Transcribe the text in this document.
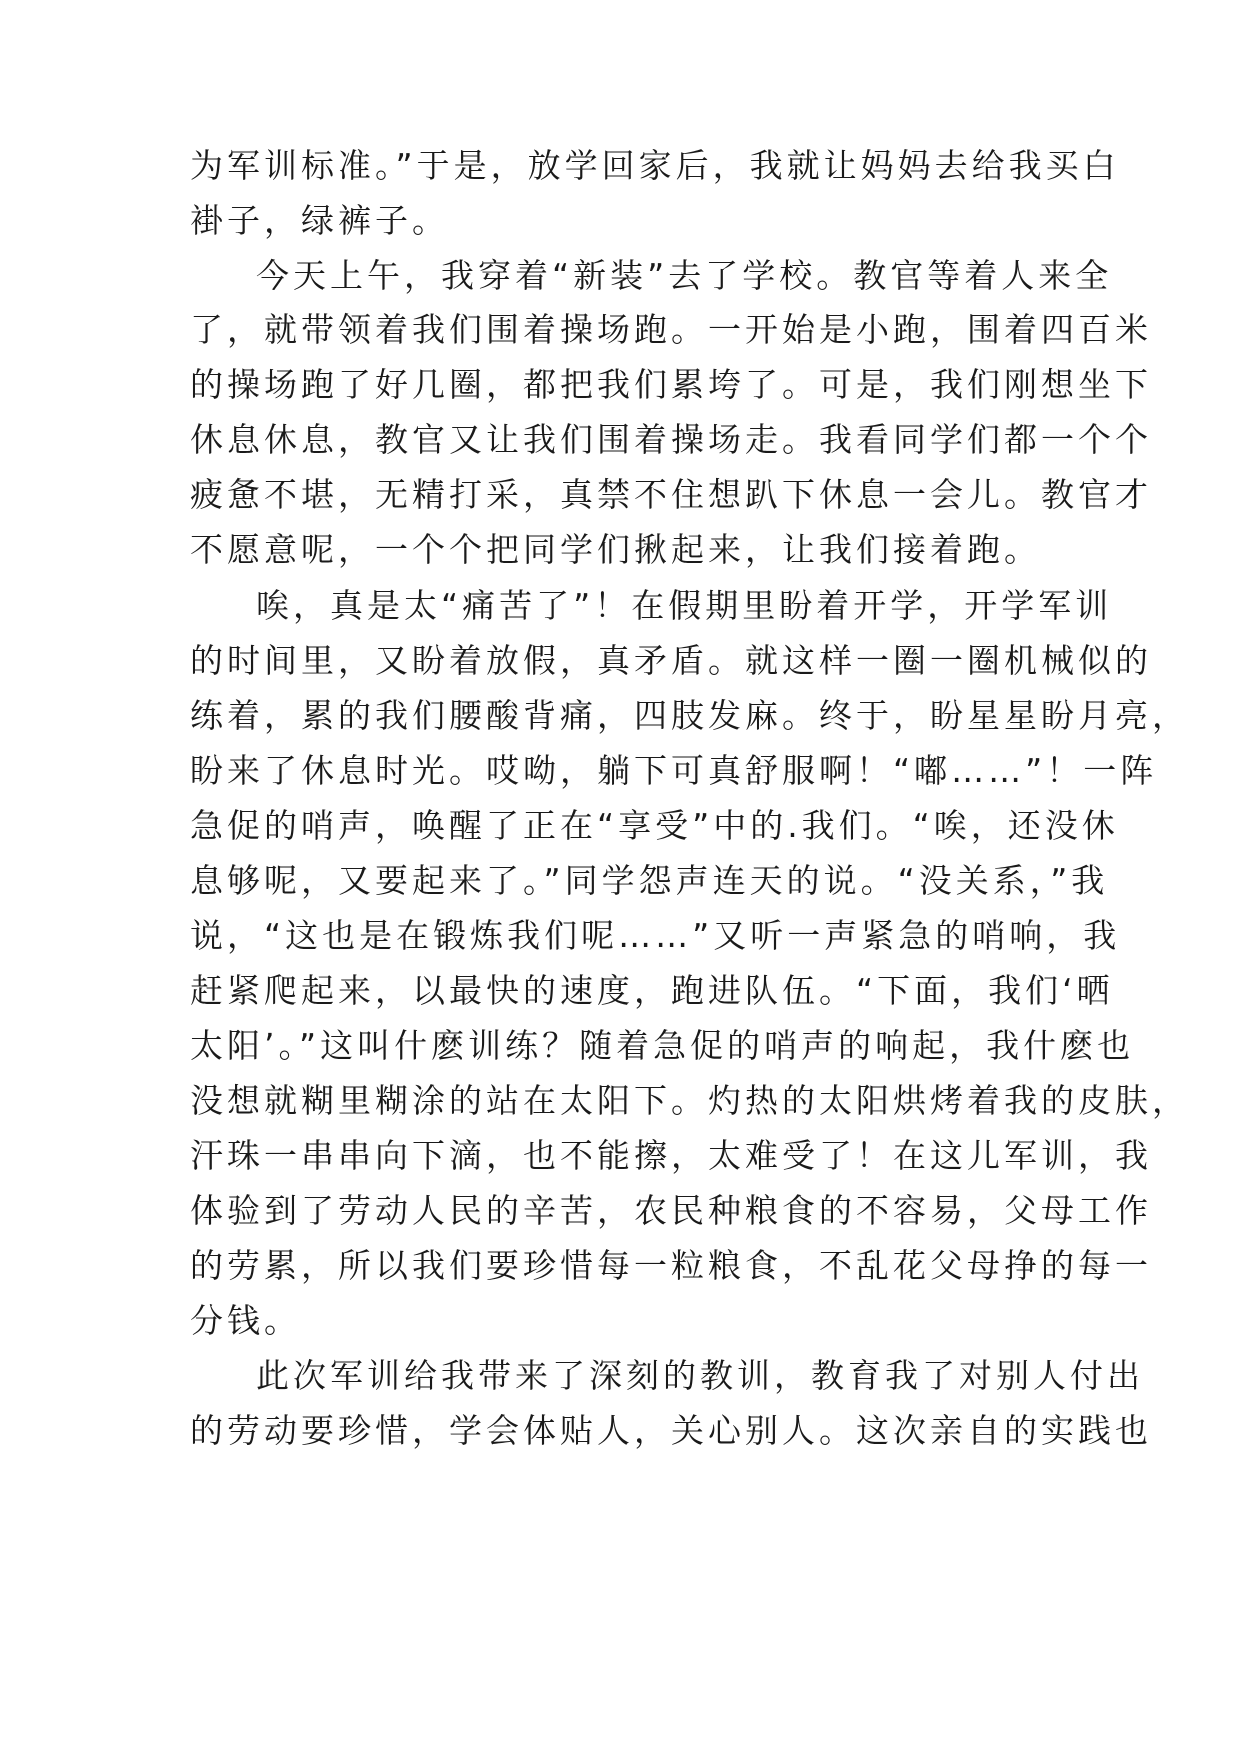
为军训标准。”于是，放学回家后，我就让妈妈去给我买白
褂子，绿裤子。
今天上午，我穿着“新装”去了学校。教官等着人来全
了，就带领着我们围着操场跑。一开始是小跑，围着四百米
的操场跑了好几圈，都把我们累垮了。可是，我们刚想坐下
休息休息，教官又让我们围着操场走。我看同学们都一个个
疲惫不堪，无精打采，真禁不住想趴下休息一会儿。教官才
不愿意呢，一个个把同学们揪起来，让我们接着跑。
唉，真是太“痛苦了”！在假期里盼着开学，开学军训
的时间里，又盼着放假，真矛盾。就这样一圈一圈机械似的
练着，累的我们腰酸背痛，四肢发麻。终于，盼星星盼月亮，
盼来了休息时光。哎呦，躺下可真舒服啊！“嘟……”！一阵
急促的哨声，唤醒了正在“享受”中的.我们。“唉，还没休
息够呢，又要起来了。”同学怨声连天的说。“没关系，”我
说，“这也是在锻炼我们呢……”又听一声紧急的哨响，我
赶紧爬起来，以最快的速度，跑进队伍。“下面，我们‘晒
太阳’。”这叫什麽训练？随着急促的哨声的响起，我什麽也
没想就糊里糊涂的站在太阳下。灼热的太阳烘烤着我的皮肤，
汗珠一串串向下滴，也不能擦，太难受了！在这儿军训，我
体验到了劳动人民的辛苦，农民种粮食的不容易，父母工作
的劳累，所以我们要珍惜每一粒粮食，不乱花父母挣的每一
分钱。
此次军训给我带来了深刻的教训，教育我了对别人付出
的劳动要珍惜，学会体贴人，关心别人。这次亲自的实践也
